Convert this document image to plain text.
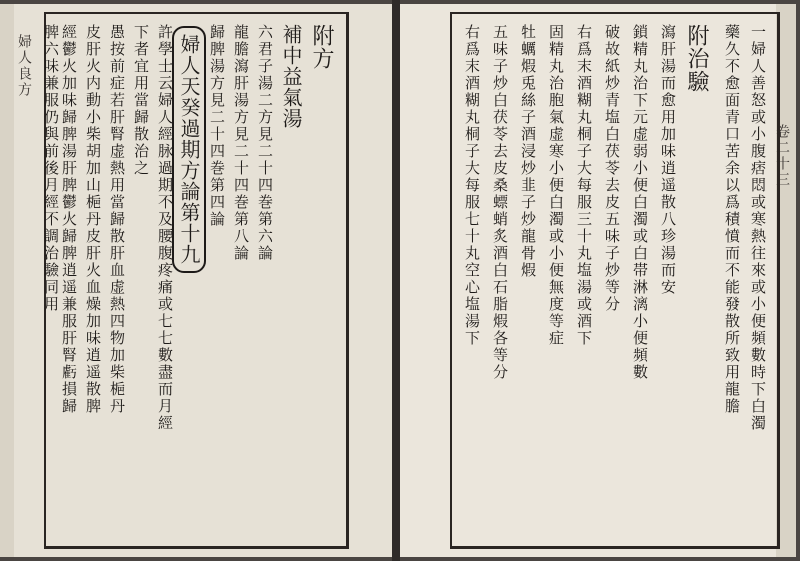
婦人良方	附方
補中益氣湯
六君子湯二方見二十四巻第六論
龍膽瀉肝湯方見二十四巻第八論
歸脾湯方見二十四巻第四論
婦人天癸過期方論第十九
許學士云婦人經脉過期不及腰腹疼痛或七七數盡而月經
下者宜用當歸散治之
愚按前症若肝腎虚熱用當歸散肝血虚熱四物加柴梔丹
皮肝火内動小柴胡加山梔丹皮肝火血燥加味逍遥散脾
經鬱火加味歸脾湯肝脾鬱火歸脾逍遥兼服肝腎虧損歸
脾六味兼服仍與前後月經不調治驗同用	卷二十三
附治驗	一婦人善怒或小腹痞悶或寒熱往來或小便頻數時下白濁
藥久不愈面青口苦余以爲積憤而不能發散所致用龍膽
瀉肝湯而愈用加味逍遥散八珍湯而安
鎖精丸治下元虚弱小便白濁或白帯淋漓小便頻數
破故紙炒青塩白茯苓去皮五味子炒等分
右爲末酒糊丸桐子大每服三十丸塩湯或酒下
固精丸治胞氣虚寒小便白濁或小便無度等症
牡蠣煆兎絲子酒浸炒韭子炒龍骨煆
五味子炒白茯苓去皮桑螵蛸炙酒白石脂煆各等分
右爲末酒糊丸桐子大每服七十丸空心塩湯下
